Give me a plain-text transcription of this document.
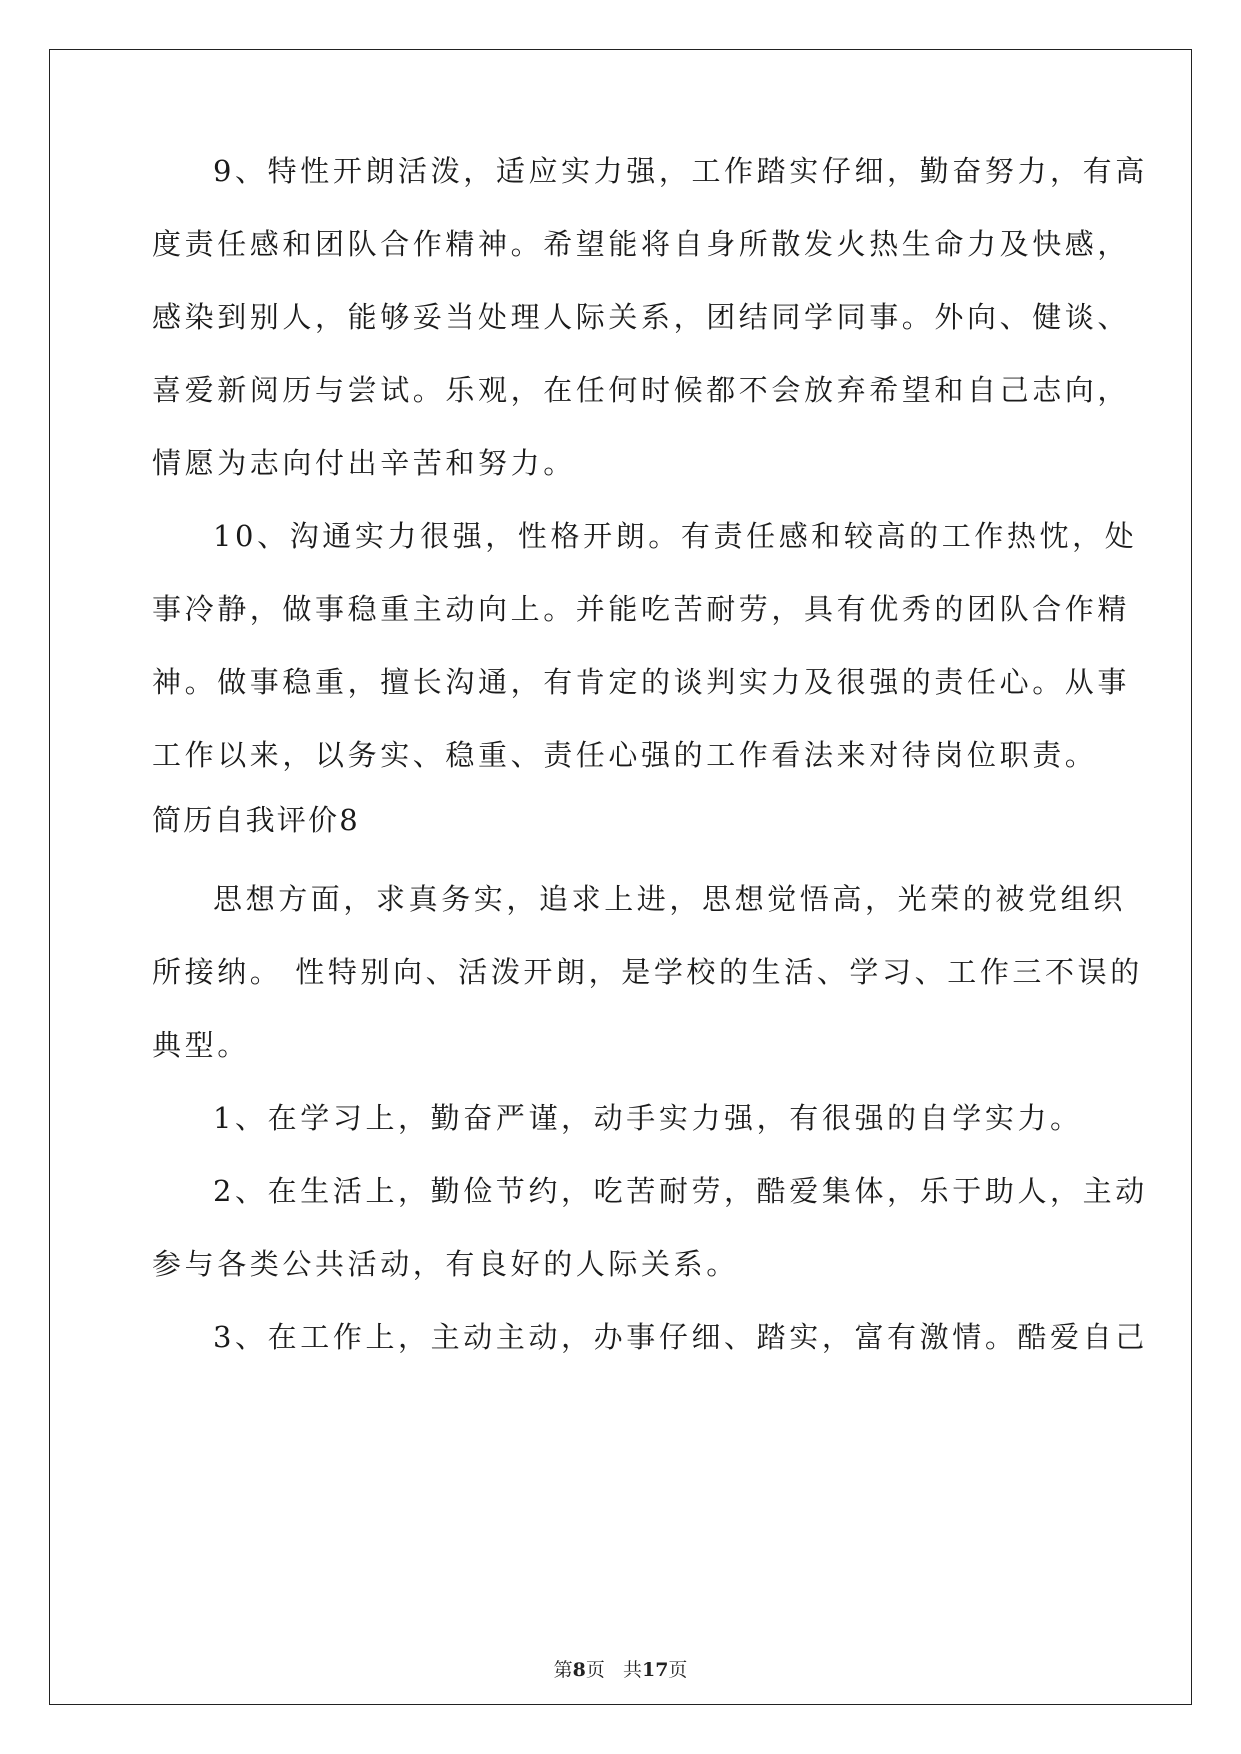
9、特性开朗活泼，适应实力强，工作踏实仔细，勤奋努力，有高
度责任感和团队合作精神。希望能将自身所散发火热生命力及快感，
感染到别人，能够妥当处理人际关系，团结同学同事。外向、健谈、
喜爱新阅历与尝试。乐观，在任何时候都不会放弃希望和自己志向，
情愿为志向付出辛苦和努力。
10、沟通实力很强，性格开朗。有责任感和较高的工作热忱，处
事冷静，做事稳重主动向上。并能吃苦耐劳，具有优秀的团队合作精
神。做事稳重，擅长沟通，有肯定的谈判实力及很强的责任心。从事
工作以来，以务实、稳重、责任心强的工作看法来对待岗位职责。
简历自我评价8
思想方面，求真务实，追求上进，思想觉悟高，光荣的被党组织
所接纳。 性特别向、活泼开朗，是学校的生活、学习、工作三不误的
典型。
1、在学习上，勤奋严谨，动手实力强，有很强的自学实力。
2、在生活上，勤俭节约，吃苦耐劳，酷爱集体，乐于助人，主动
参与各类公共活动，有良好的人际关系。
3、在工作上，主动主动，办事仔细、踏实，富有激情。酷爱自己
第8页 共17页
